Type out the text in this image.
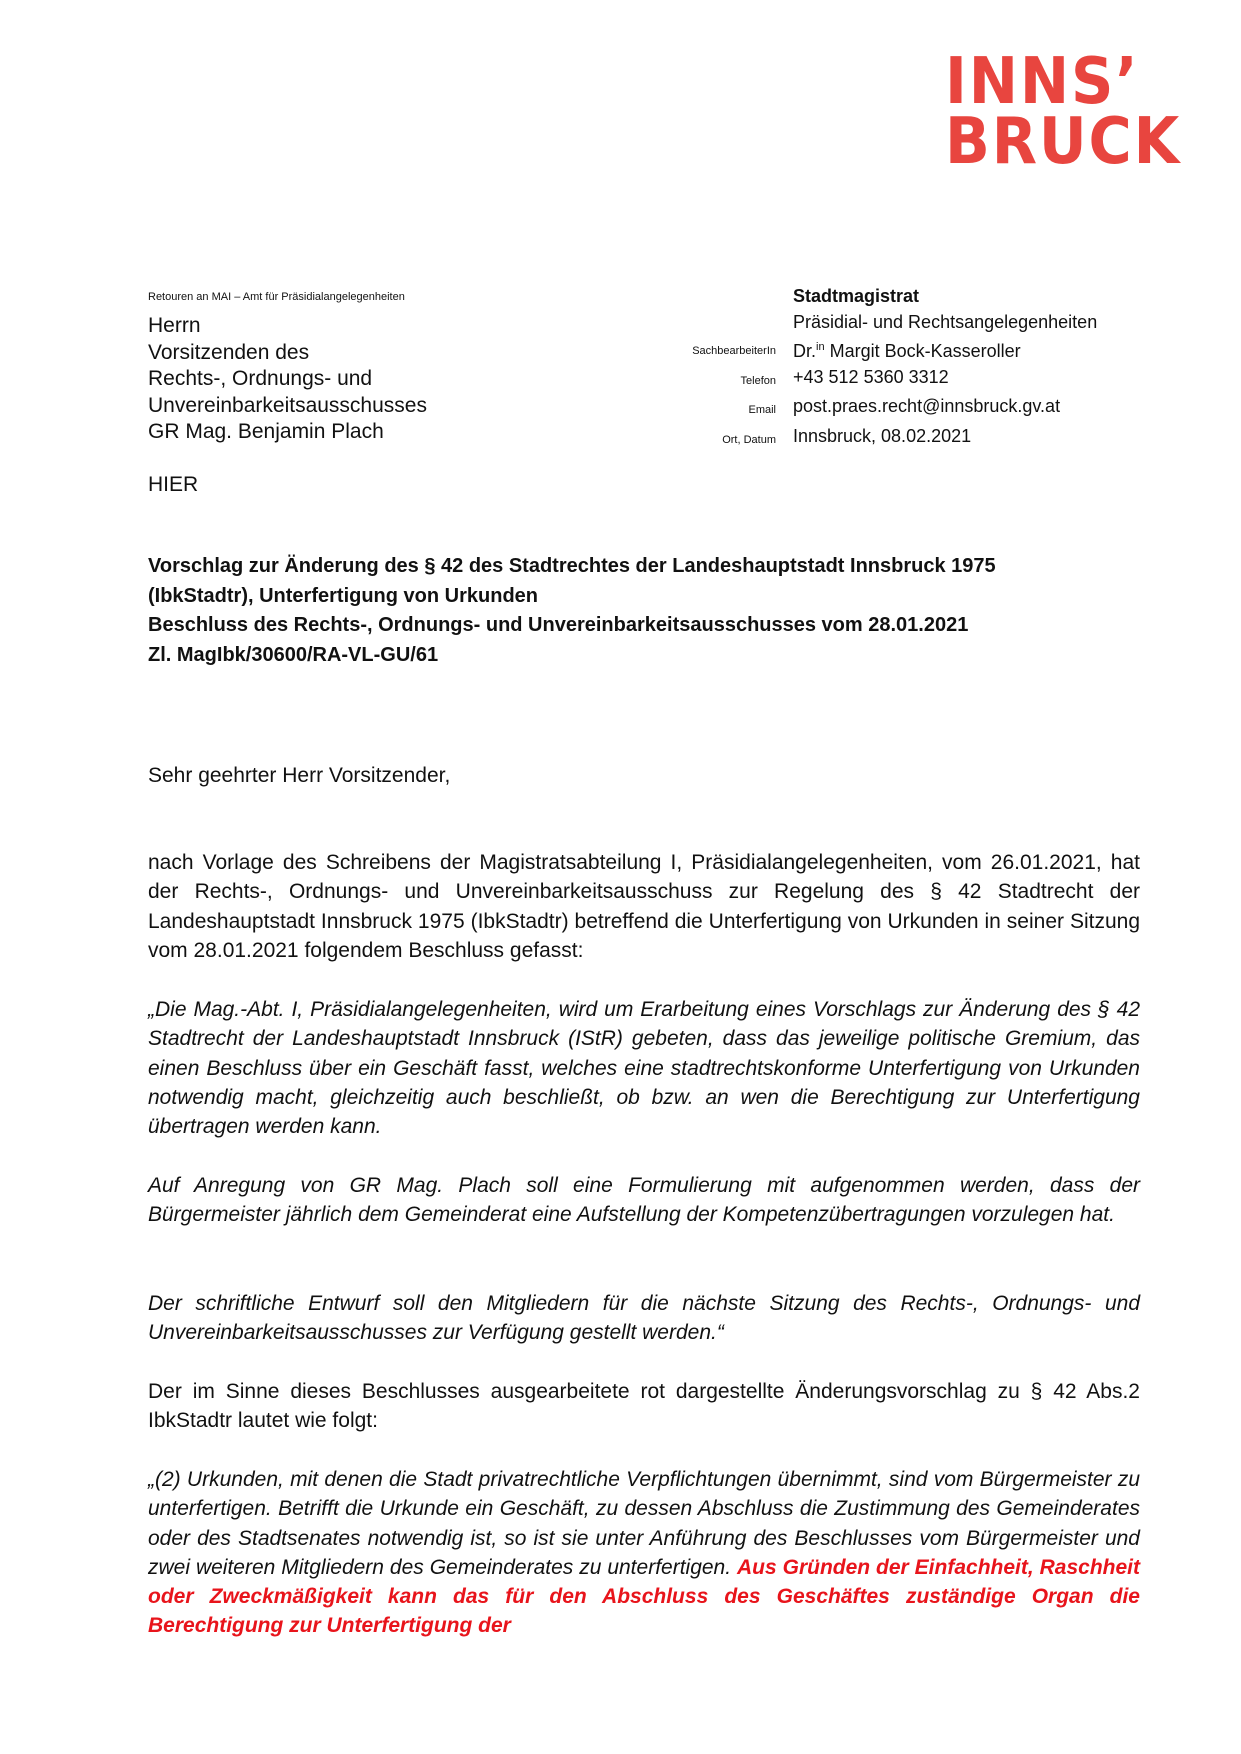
INNS’
BRUCK
Retouren an MAI – Amt für Präsidialangelegenheiten
Herrn
Vorsitzenden des
Rechts-, Ordnungs- und
Unvereinbarkeitsausschusses
GR Mag. Benjamin Plach
Stadtmagistrat
Präsidial- und Rechtsangelegenheiten
SachbearbeiterIn Dr.$^{in}$ Margit Bock-Kasseroller
Telefon +43 512 5360 3312
Email post.praes.recht@innsbruck.gv.at
Ort, Datum Innsbruck, 08.02.2021
HIER
Vorschlag zur Änderung des § 42 des Stadtrechtes der Landeshauptstadt Innsbruck 1975
(IbkStadtr), Unterfertigung von Urkunden
Beschluss des Rechts-, Ordnungs- und Unvereinbarkeitsausschusses vom 28.01.2021
Zl. MagIbk/30600/RA-VL-GU/61
Sehr geehrter Herr Vorsitzender,
nach Vorlage des Schreibens der Magistratsabteilung I, Präsidialangelegenheiten, vom 26.01.2021, hat der Rechts-, Ordnungs- und Unvereinbarkeitsausschuss zur Regelung des § 42 Stadtrecht der Landeshauptstadt Innsbruck 1975 (IbkStadtr) betreffend die Unterfertigung von Urkunden in seiner Sitzung vom 28.01.2021 folgendem Beschluss gefasst:
„Die Mag.-Abt. I, Präsidialangelegenheiten, wird um Erarbeitung eines Vorschlags zur Änderung des § 42 Stadtrecht der Landeshauptstadt Innsbruck (IStR) gebeten, dass das jeweilige politische Gremium, das einen Beschluss über ein Geschäft fasst, welches eine stadtrechtskonforme Unterfertigung von Urkunden notwendig macht, gleichzeitig auch beschließt, ob bzw. an wen die Berechtigung zur Unterfertigung übertragen werden kann.
Auf Anregung von GR Mag. Plach soll eine Formulierung mit aufgenommen werden, dass der Bürgermeister jährlich dem Gemeinderat eine Aufstellung der Kompetenzübertragungen vorzulegen hat.
Der schriftliche Entwurf soll den Mitgliedern für die nächste Sitzung des Rechts-, Ordnungs- und Unvereinbarkeitsausschusses zur Verfügung gestellt werden.“
Der im Sinne dieses Beschlusses ausgearbeitete rot dargestellte Änderungsvorschlag zu § 42 Abs.2 IbkStadtr lautet wie folgt:
„(2) Urkunden, mit denen die Stadt privatrechtliche Verpflichtungen übernimmt, sind vom Bürgermeister zu unterfertigen. Betrifft die Urkunde ein Geschäft, zu dessen Abschluss die Zustimmung des Gemeinderates oder des Stadtsenates notwendig ist, so ist sie unter Anführung des Beschlusses vom Bürgermeister und zwei weiteren Mitgliedern des Gemeinderates zu unterfertigen. Aus Gründen der Einfachheit, Raschheit oder Zweckmäßigkeit kann das für den Abschluss des Geschäftes zuständige Organ die Berechtigung zur Unterfertigung der
